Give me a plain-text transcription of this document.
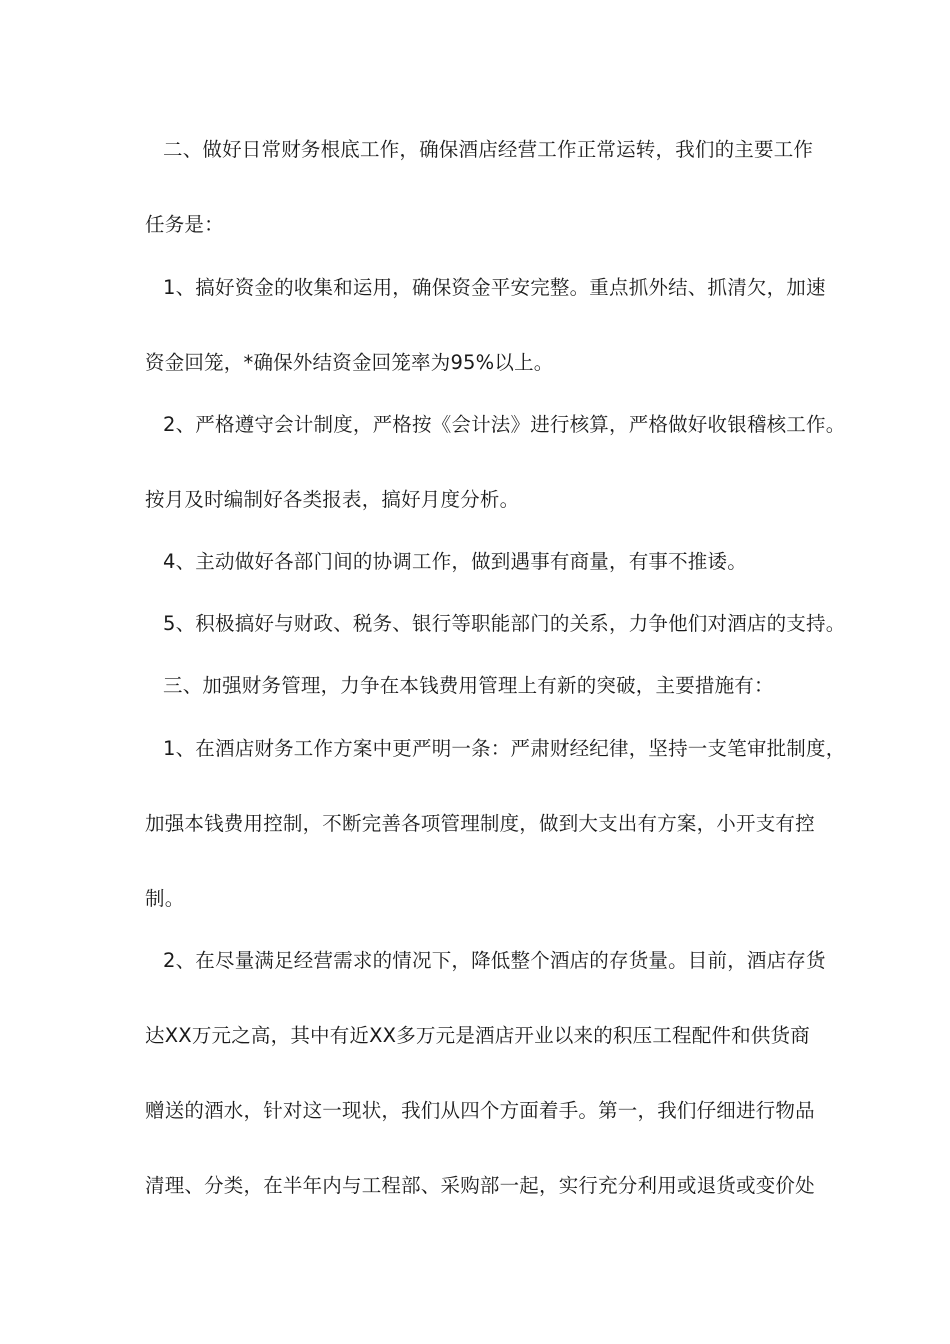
二、做好日常财务根底工作，确保酒店经营工作正常运转，我们的主要工作
任务是：
1、搞好资金的收集和运用，确保资金平安完整。重点抓外结、抓清欠，加速
资金回笼，*确保外结资金回笼率为95%以上。
2、严格遵守会计制度，严格按《会计法》进行核算，严格做好收银稽核工作。
按月及时编制好各类报表，搞好月度分析。
4、主动做好各部门间的协调工作，做到遇事有商量，有事不推诿。
5、积极搞好与财政、税务、银行等职能部门的关系，力争他们对酒店的支持。
三、加强财务管理，力争在本钱费用管理上有新的突破，主要措施有：
1、在酒店财务工作方案中更严明一条：严肃财经纪律，坚持一支笔审批制度，
加强本钱费用控制，不断完善各项管理制度，做到大支出有方案，小开支有控
制。
2、在尽量满足经营需求的情况下，降低整个酒店的存货量。目前，酒店存货
达XX万元之高，其中有近XX多万元是酒店开业以来的积压工程配件和供货商
赠送的酒水，针对这一现状，我们从四个方面着手。第一，我们仔细进行物品
清理、分类，在半年内与工程部、采购部一起，实行充分利用或退货或变价处
